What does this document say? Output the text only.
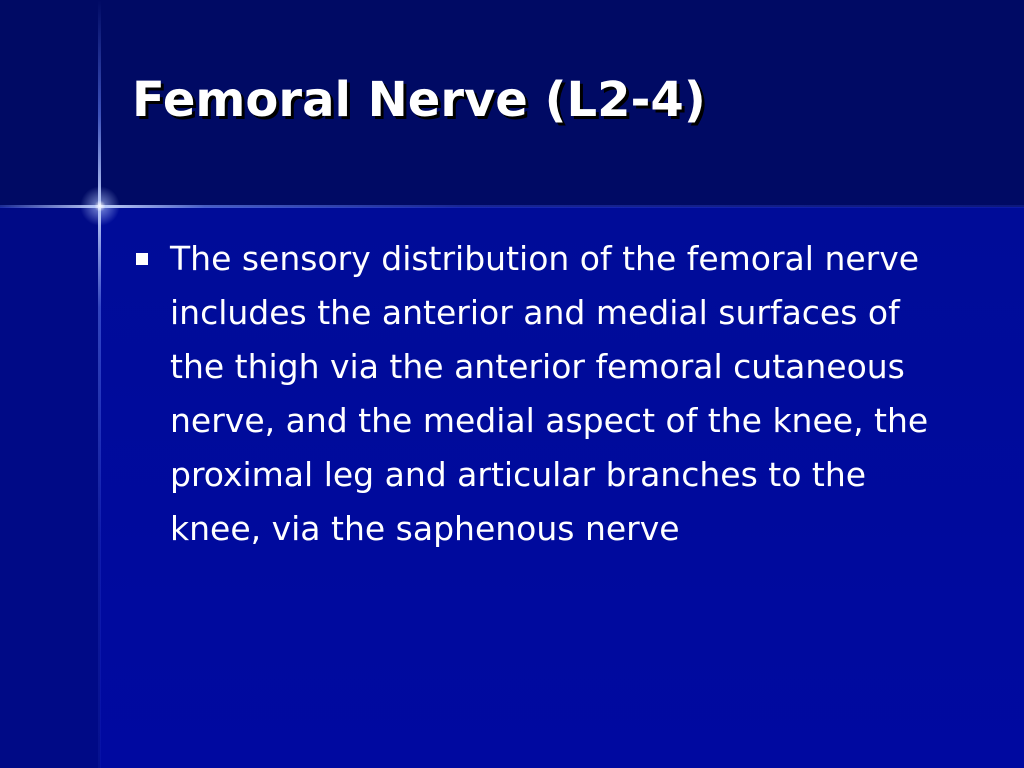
Femoral Nerve (L2-4)
The sensory distribution of the femoral nerve includes the anterior and medial surfaces of the thigh via the anterior femoral cutaneous nerve, and the medial aspect of the knee, the proximal leg and articular branches to the knee, via the saphenous nerve
